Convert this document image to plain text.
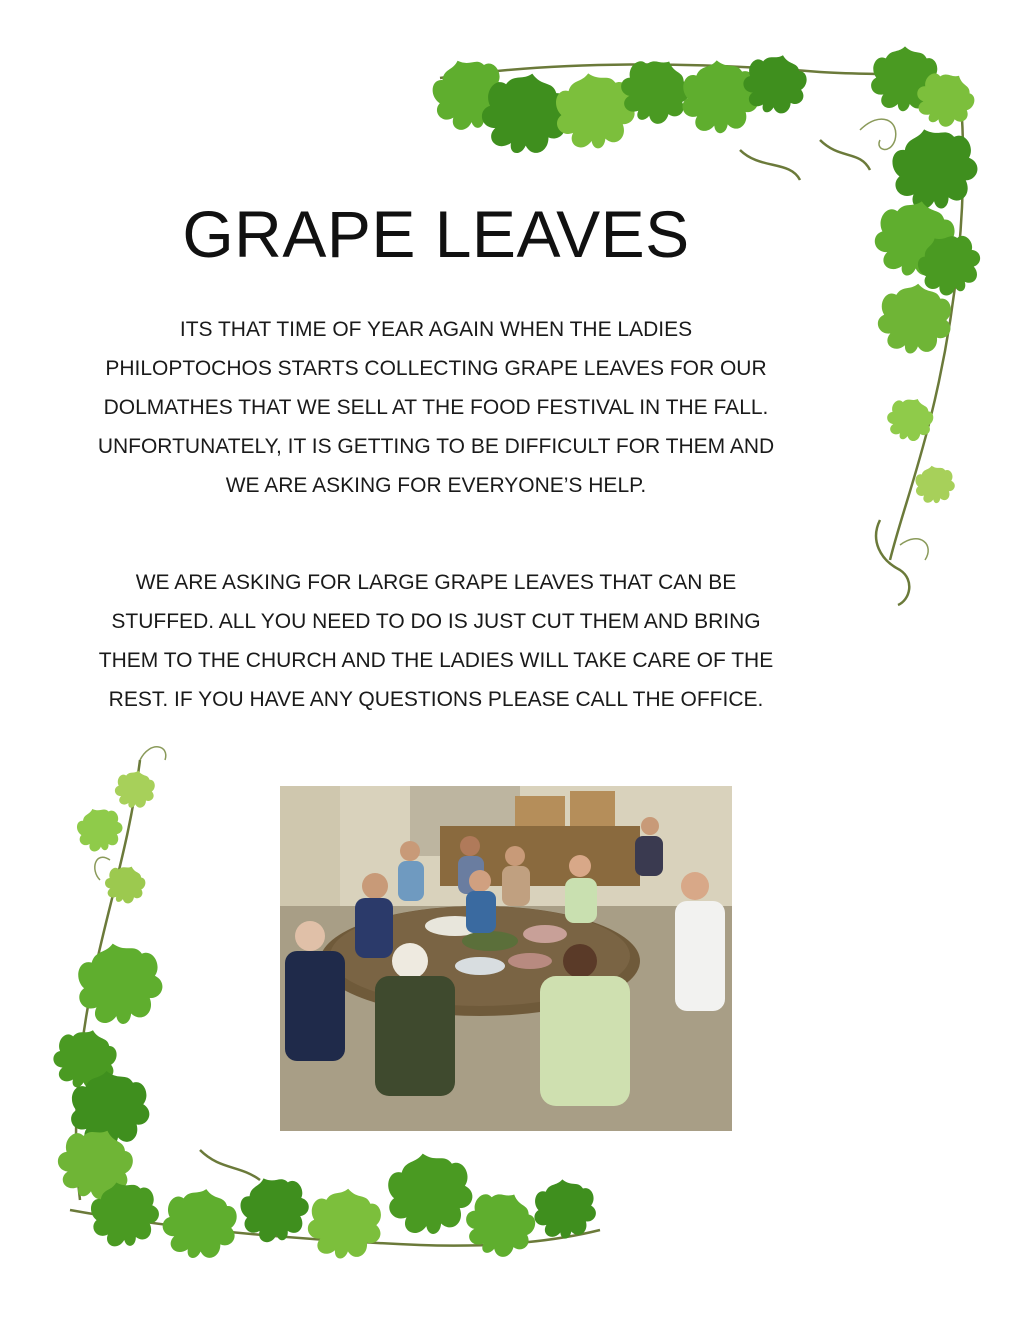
GRAPE LEAVES

ITS THAT TIME OF YEAR AGAIN WHEN THE LADIES PHILOPTOCHOS STARTS COLLECTING GRAPE LEAVES FOR OUR DOLMATHES THAT WE SELL AT THE FOOD FESTIVAL IN THE FALL. UNFORTUNATELY, IT IS GETTING TO BE DIFFICULT FOR THEM AND WE ARE ASKING FOR EVERYONE’S HELP.

WE ARE ASKING FOR LARGE GRAPE LEAVES THAT CAN BE STUFFED. ALL YOU NEED TO DO IS JUST CUT THEM AND BRING THEM TO THE CHURCH AND THE LADIES WILL TAKE CARE OF THE REST. IF YOU HAVE ANY QUESTIONS PLEASE CALL THE OFFICE.
